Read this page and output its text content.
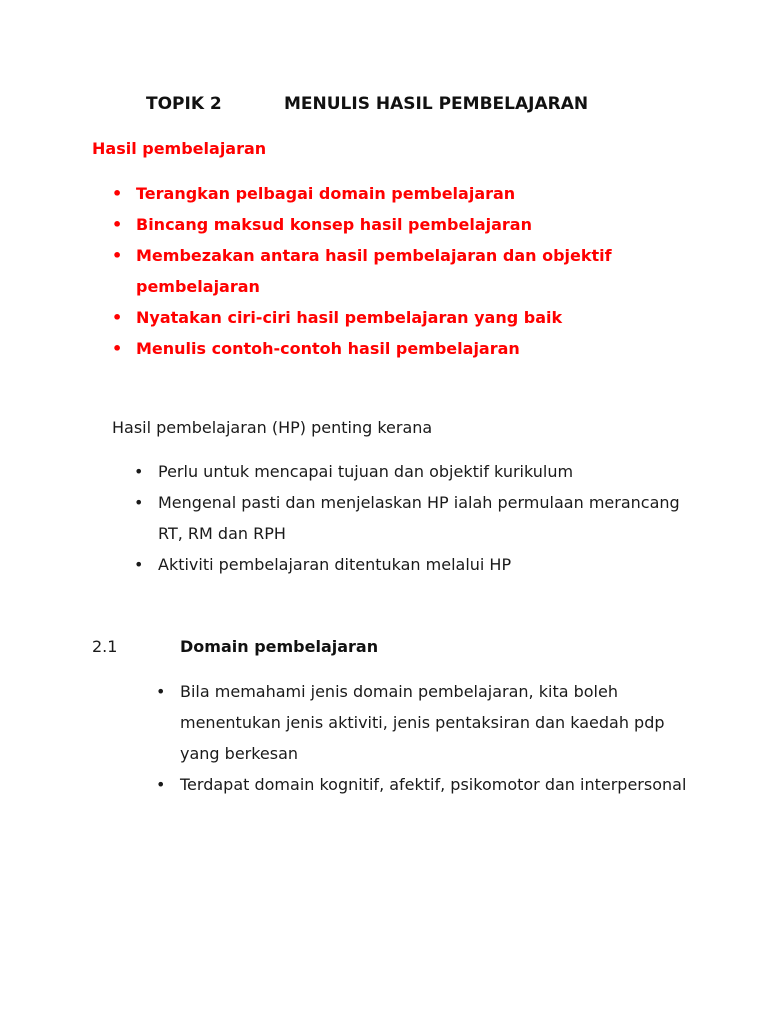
TOPIK 2	MENULIS HASIL PEMBELAJARAN
Hasil pembelajaran
• Terangkan pelbagai domain pembelajaran
• Bincang maksud konsep hasil pembelajaran
• Membezakan antara hasil pembelajaran dan objektif pembelajaran
• Nyatakan ciri-ciri hasil pembelajaran yang baik
• Menulis contoh-contoh hasil pembelajaran
Hasil pembelajaran (HP) penting kerana
• Perlu untuk mencapai tujuan dan objektif kurikulum
• Mengenal pasti dan menjelaskan HP ialah permulaan merancang  RT, RM dan RPH
• Aktiviti pembelajaran ditentukan melalui HP
2.1	Domain pembelajaran
• Bila memahami jenis domain pembelajaran, kita boleh menentukan jenis aktiviti, jenis pentaksiran dan kaedah pdp yang berkesan
• Terdapat domain kognitif, afektif, psikomotor dan interpersonal
